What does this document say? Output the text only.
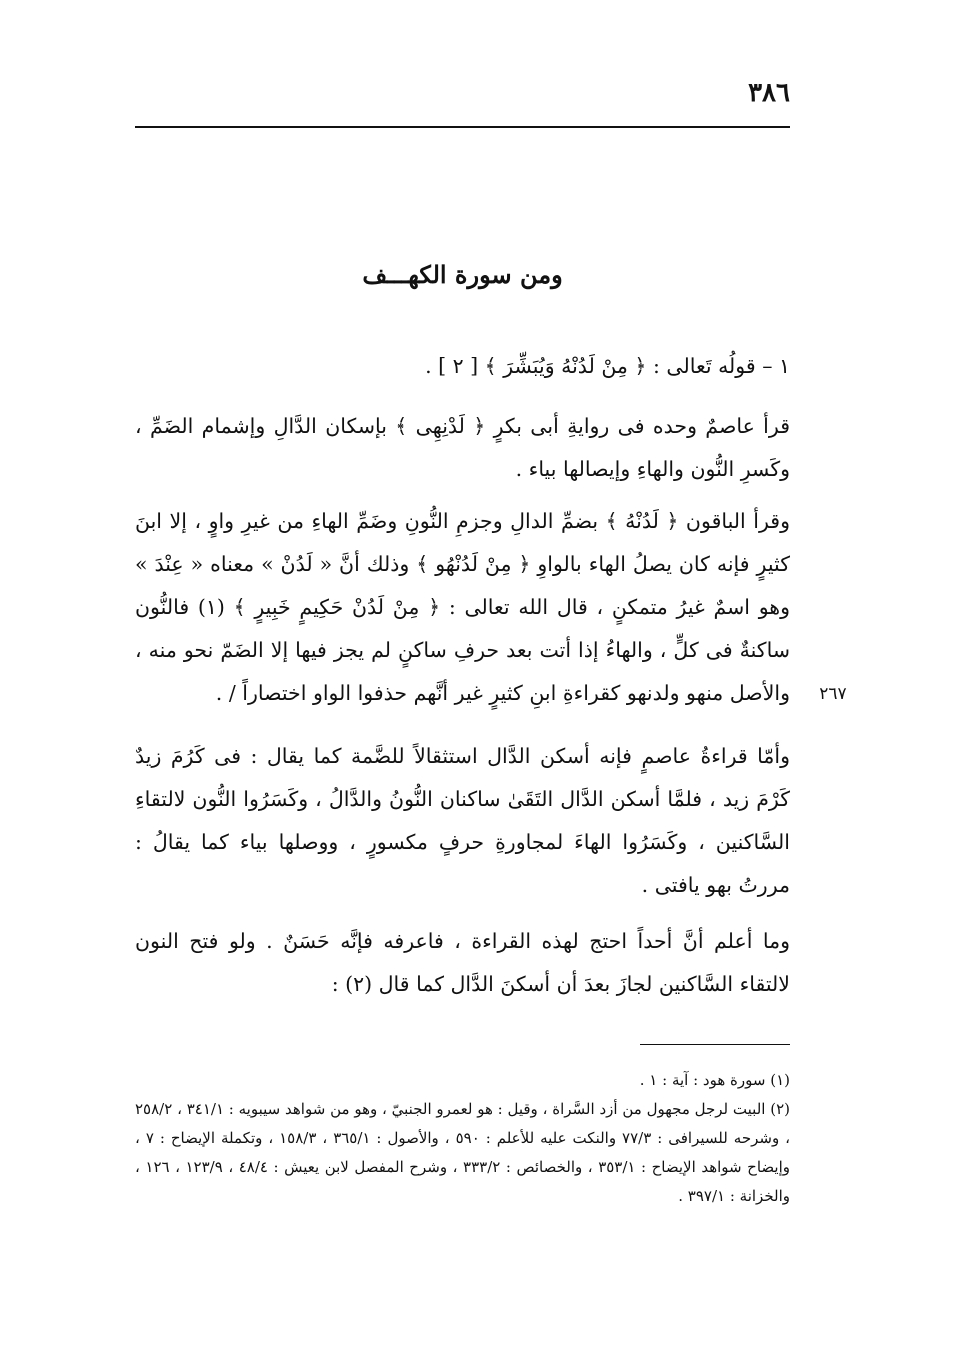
٣٨٦
ومن سورة الكهـــف

١ – قولُه تَعالى : ﴿ مِنْ لَدُنْهُ وَيُبَشِّرَ ﴾ [ ٢ ] .

قرأ عاصمٌ وحده فى روايةِ أبى بكرٍ ﴿ لَدْنِهِى ﴾ بإسكان الدَّالِ وإشمام الضَمِّ ، وكَسرِ النُّون والهاءِ وإيصالها بياء .

وقرأ الباقون ﴿ لَدُنْهُ ﴾ بضمِّ الدالِ وجزمِ النُّونِ وضَمِّ الهاءِ من غيرِ واوٍ ، إلا ابنَ كثيرٍ فإنه كان يصلُ الهاء بالواوِ ﴿ مِنْ لَدُنْهُو ﴾ وذلك أنَّ « لَدُنْ » معناه « عِنْدَ » وهو اسمٌ غيرُ متمكنٍ ، قال الله تعالى : ﴿ مِنْ لَدُنْ حَكِيمٍ خَبِيرٍ ﴾ (١) فالنُّون ساكنةٌ فى كلٍّ ، والهاءُ إذا أتت بعد حرفِ ساكنٍ لم يجز فيها إلا الضَمّ نحو منه ، والأصل منهو ولدنهو كقراءةِ ابنِ كثيرٍ غير أنَّهم حذفوا الواو اختصاراً / .	٢٦٧

وأمّا قراءةُ عاصمٍ فإنه أسكن الدَّال استثقالاً للضَّمة كما يقال : فى كَرُمَ زيدٌ كَرْمَ زيد ، فلمَّا أسكن الدَّال التَقَىٰ ساكنان النُّونُ والدَّالُ ، وكَسَرُوا النُّون لالتقاءِ السَّاكنين ، وكَسَرُوا الهاءَ لمجاورةِ حرفٍ مكسورٍ ، ووصلها بياء كما يقالُ : مررتُ بهو يافتى .

وما أعلم أنَّ أحداً احتج لهذه القراءة ، فاعرفه فإنَّه حَسَنٌ . ولو فتح النون لالتقاء السَّاكنين لجازَ بعدَ أن أسكنَ الدَّال كما قال (٢) :

(١) سورة هود : آية : ١ .

(٢) البيت لرجل مجهول من أزد السَّراة ، وقيل : هو لعمرو الجنبيّ ، وهو من شواهد سيبويه : ٣٤١/١ ، ٢٥٨/٢ ، وشرحه للسيرافى : ٧٧/٣ والنكت عليه للأعلم : ٥٩٠ ، والأصول : ٣٦٥/١ ، ١٥٨/٣ ، وتكملة الإيضاح : ٧ ، وإيضاح شواهد الإيضاح : ٣٥٣/١ ، والخصائص : ٣٣٣/٢ ، وشرح المفصل لابن يعيش : ٤٨/٤ ، ١٢٣/٩ ، ١٢٦ ، والخزانة : ٣٩٧/١ .
